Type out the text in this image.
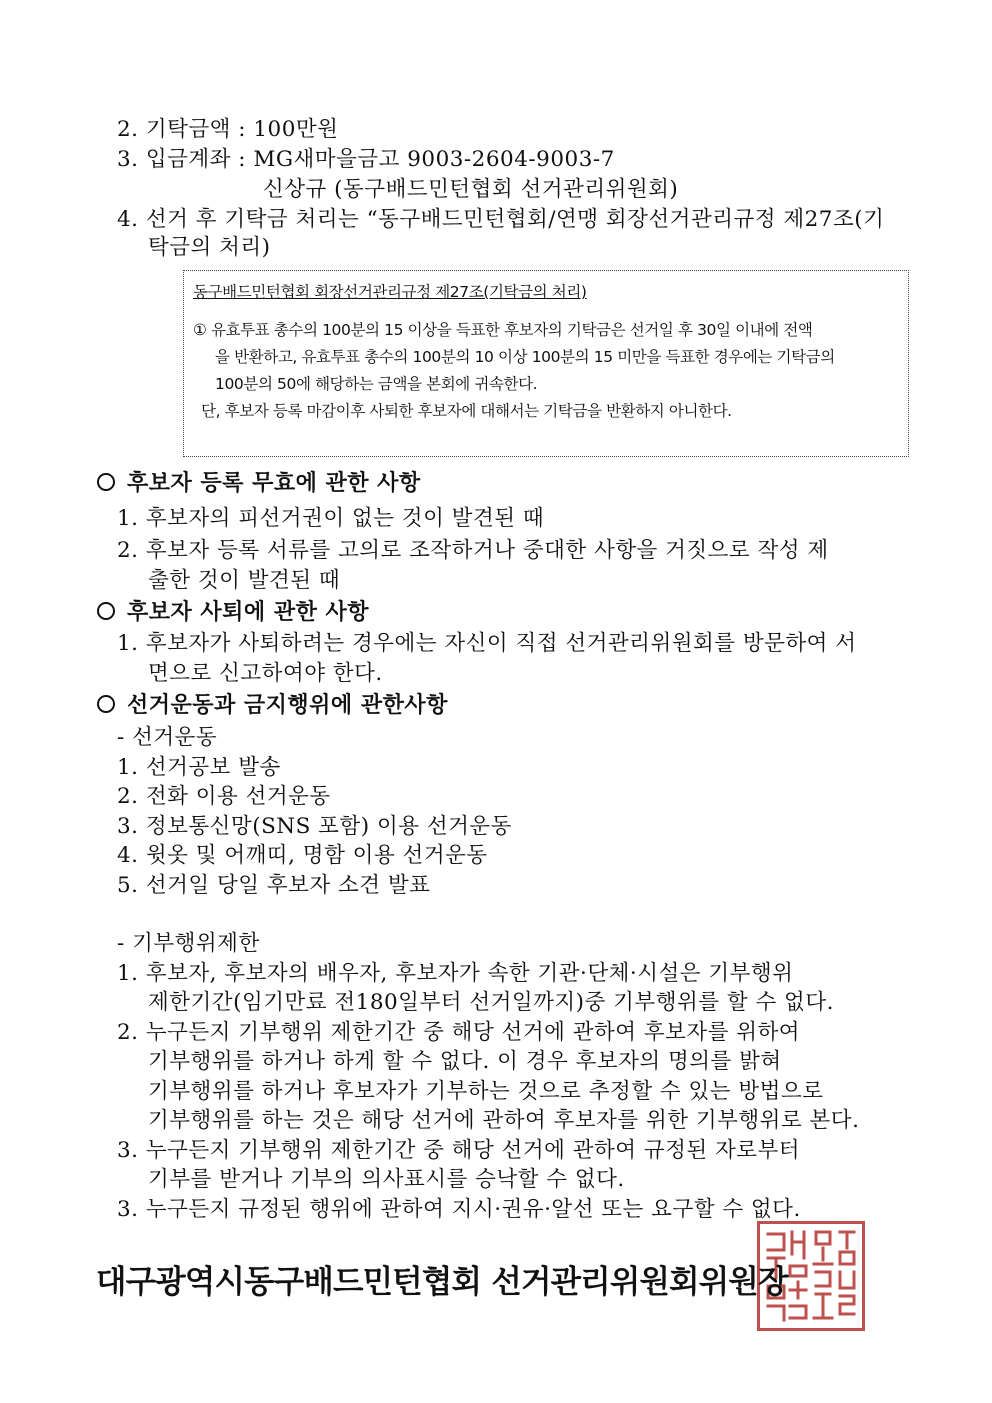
2. 기탁금액 : 100만원
3. 입금계좌 : MG새마을금고 9003-2604-9003-7
신상규 (동구배드민턴협회 선거관리위원회)
4. 선거 후 기탁금 처리는 “동구배드민턴협회/연맹 회장선거관리규정 제27조(기
탁금의 처리)
동구배드민턴협회 회장선거관리규정 제27조(기탁금의 처리)
① 유효투표 총수의 100분의 15 이상을 득표한 후보자의 기탁금은 선거일 후 30일 이내에 전액
을 반환하고, 유효투표 총수의 100분의 10 이상 100분의 15 미만을 득표한 경우에는 기탁금의
100분의 50에 해당하는 금액을 본회에 귀속한다.
단, 후보자 등록 마감이후 사퇴한 후보자에 대해서는 기탁금을 반환하지 아니한다.
후보자 등록 무효에 관한 사항
1. 후보자의 피선거권이 없는 것이 발견된 때
2. 후보자 등록 서류를 고의로 조작하거나 중대한 사항을 거짓으로 작성 제
출한 것이 발견된 때
후보자 사퇴에 관한 사항
1. 후보자가 사퇴하려는 경우에는 자신이 직접 선거관리위원회를 방문하여 서
면으로 신고하여야 한다.
선거운동과 금지행위에 관한사항
- 선거운동
1. 선거공보 발송
2. 전화 이용 선거운동
3. 정보통신망(SNS 포함) 이용 선거운동
4. 윗옷 및 어깨띠, 명함 이용 선거운동
5. 선거일 당일 후보자 소견 발표
- 기부행위제한
1. 후보자, 후보자의 배우자, 후보자가 속한 기관·단체·시설은 기부행위
제한기간(임기만료 전180일부터 선거일까지)중 기부행위를 할 수 없다.
2. 누구든지 기부행위 제한기간 중 해당 선거에 관하여 후보자를 위하여
기부행위를 하거나 하게 할 수 없다. 이 경우 후보자의 명의를 밝혀
기부행위를 하거나 후보자가 기부하는 것으로 추정할 수 있는 방법으로
기부행위를 하는 것은 해당 선거에 관하여 후보자를 위한 기부행위로 본다.
3. 누구든지 기부행위 제한기간 중 해당 선거에 관하여 규정된 자로부터
기부를 받거나 기부의 의사표시를 승낙할 수 없다.
3. 누구든지 규정된 행위에 관하여 지시·권유·알선 또는 요구할 수 없다.
대구광역시동구배드민턴협회 선거관리위원회위원장
